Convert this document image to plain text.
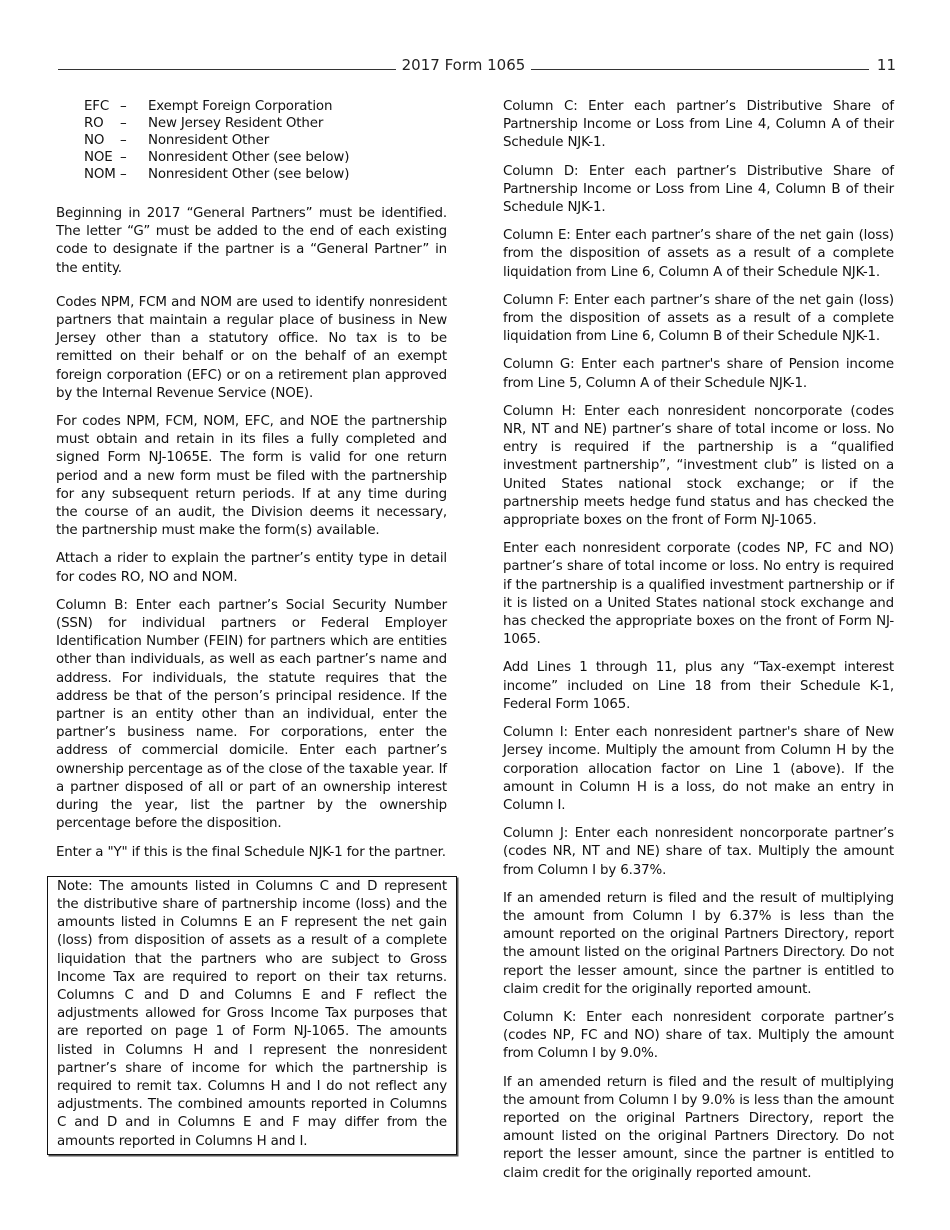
2017 Form 1065	11
EFC –	Exempt Foreign Corporation
RO	–	New Jersey Resident Other
NO	–	Nonresident Other
NOE –	Nonresident Other (see below)
NOM –	Nonresident Other (see below)

Beginning in 2017 “General Partners” must be identified. The letter “G” must be added to the end of each existing code to designate if the partner is a “General Partner” in the entity.

Codes NPM, FCM and NOM are used to identify nonresident partners that maintain a regular place of business in New Jersey other than a statutory office. No tax is to be remitted on their behalf or on the behalf of an exempt foreign corporation (EFC) or on a retirement plan approved by the Internal Revenue Service (NOE).

For codes NPM, FCM, NOM, EFC, and NOE the partnership must obtain and retain in its files a fully completed and signed Form NJ-1065E. The form is valid for one return period and a new form must be filed with the partnership for any subsequent return periods. If at any time during the course of an audit, the Division deems it necessary, the partnership must make the form(s) available.

Attach a rider to explain the partner’s entity type in detail for codes RO, NO and NOM.

Column B: Enter each partner’s Social Security Number (SSN) for individual partners or Federal Employer Identification Number (FEIN) for partners which are entities other than individuals, as well as each partner’s name and address. For individuals, the statute requires that the address be that of the person’s principal residence. If the partner is an entity other than an individual, enter the partner’s business name. For corporations, enter the address of commercial domicile. Enter each partner’s ownership percentage as of the close of the taxable year. If a partner disposed of all or part of an ownership interest during the year, list the partner by the ownership percentage before the disposition.

Enter a "Y" if this is the final Schedule NJK-1 for the partner.

Note: The amounts listed in Columns C and D represent the distributive share of partnership income (loss) and the amounts listed in Columns E an F represent the net gain (loss) from disposition of assets as a result of a complete liquidation that the partners who are subject to Gross Income Tax are required to report on their tax returns. Columns C and D and Columns E and F reflect the adjustments allowed for Gross Income Tax purposes that are reported on page 1 of Form NJ-1065. The amounts listed in Columns H and I represent the nonresident partner’s share of income for which the partnership is required to remit tax. Columns H and I do not reflect any adjustments. The combined amounts reported in Columns C and D and in Columns E and F may differ from the amounts reported in Columns H and I.

Column C: Enter each partner’s Distributive Share of Partnership Income or Loss from Line 4, Column A of their Schedule NJK-1.

Column D: Enter each partner’s Distributive Share of Partnership Income or Loss from Line 4, Column B of their Schedule NJK-1.

Column E: Enter each partner’s share of the net gain (loss) from the disposition of assets as a result of a complete liquidation from Line 6, Column A of their Schedule NJK-1.

Column F: Enter each partner’s share of the net gain (loss) from the disposition of assets as a result of a complete liquidation from Line 6, Column B of their Schedule NJK-1.

Column G: Enter each partner's share of Pension income from Line 5, Column A of their Schedule NJK-1.

Column H: Enter each nonresident noncorporate (codes NR, NT and NE) partner’s share of total income or loss. No entry is required if the partnership is a “qualified investment partnership”, “investment club” is listed on a United States national stock exchange; or if the partnership meets hedge fund status and has checked the appropriate boxes on the front of Form NJ-1065.

Enter each nonresident corporate (codes NP, FC and NO) partner’s share of total income or loss. No entry is required if the partnership is a qualified investment partnership or if it is listed on a United States national stock exchange and has checked the appropriate boxes on the front of Form NJ-1065.

Add Lines 1 through 11, plus any “Tax-exempt interest income” included on Line 18 from their Schedule K-1, Federal Form 1065.

Column I: Enter each nonresident partner's share of New Jersey income. Multiply the amount from Column H by the corporation allocation factor on Line 1 (above). If the amount in Column H is a loss, do not make an entry in Column I.

Column J: Enter each nonresident noncorporate partner’s (codes NR, NT and NE) share of tax. Multiply the amount from Column I by 6.37%.

If an amended return is filed and the result of multiplying the amount from Column I by 6.37% is less than the amount reported on the original Partners Directory, report the amount listed on the original Partners Directory. Do not report the lesser amount, since the partner is entitled to claim credit for the originally reported amount.

Column K: Enter each nonresident corporate partner’s (codes NP, FC and NO) share of tax. Multiply the amount from Column I by 9.0%.

If an amended return is filed and the result of multiplying the amount from Column I by 9.0% is less than the amount reported on the original Partners Directory, report the amount listed on the original Partners Directory. Do not report the lesser amount, since the partner is entitled to claim credit for the originally reported amount.
